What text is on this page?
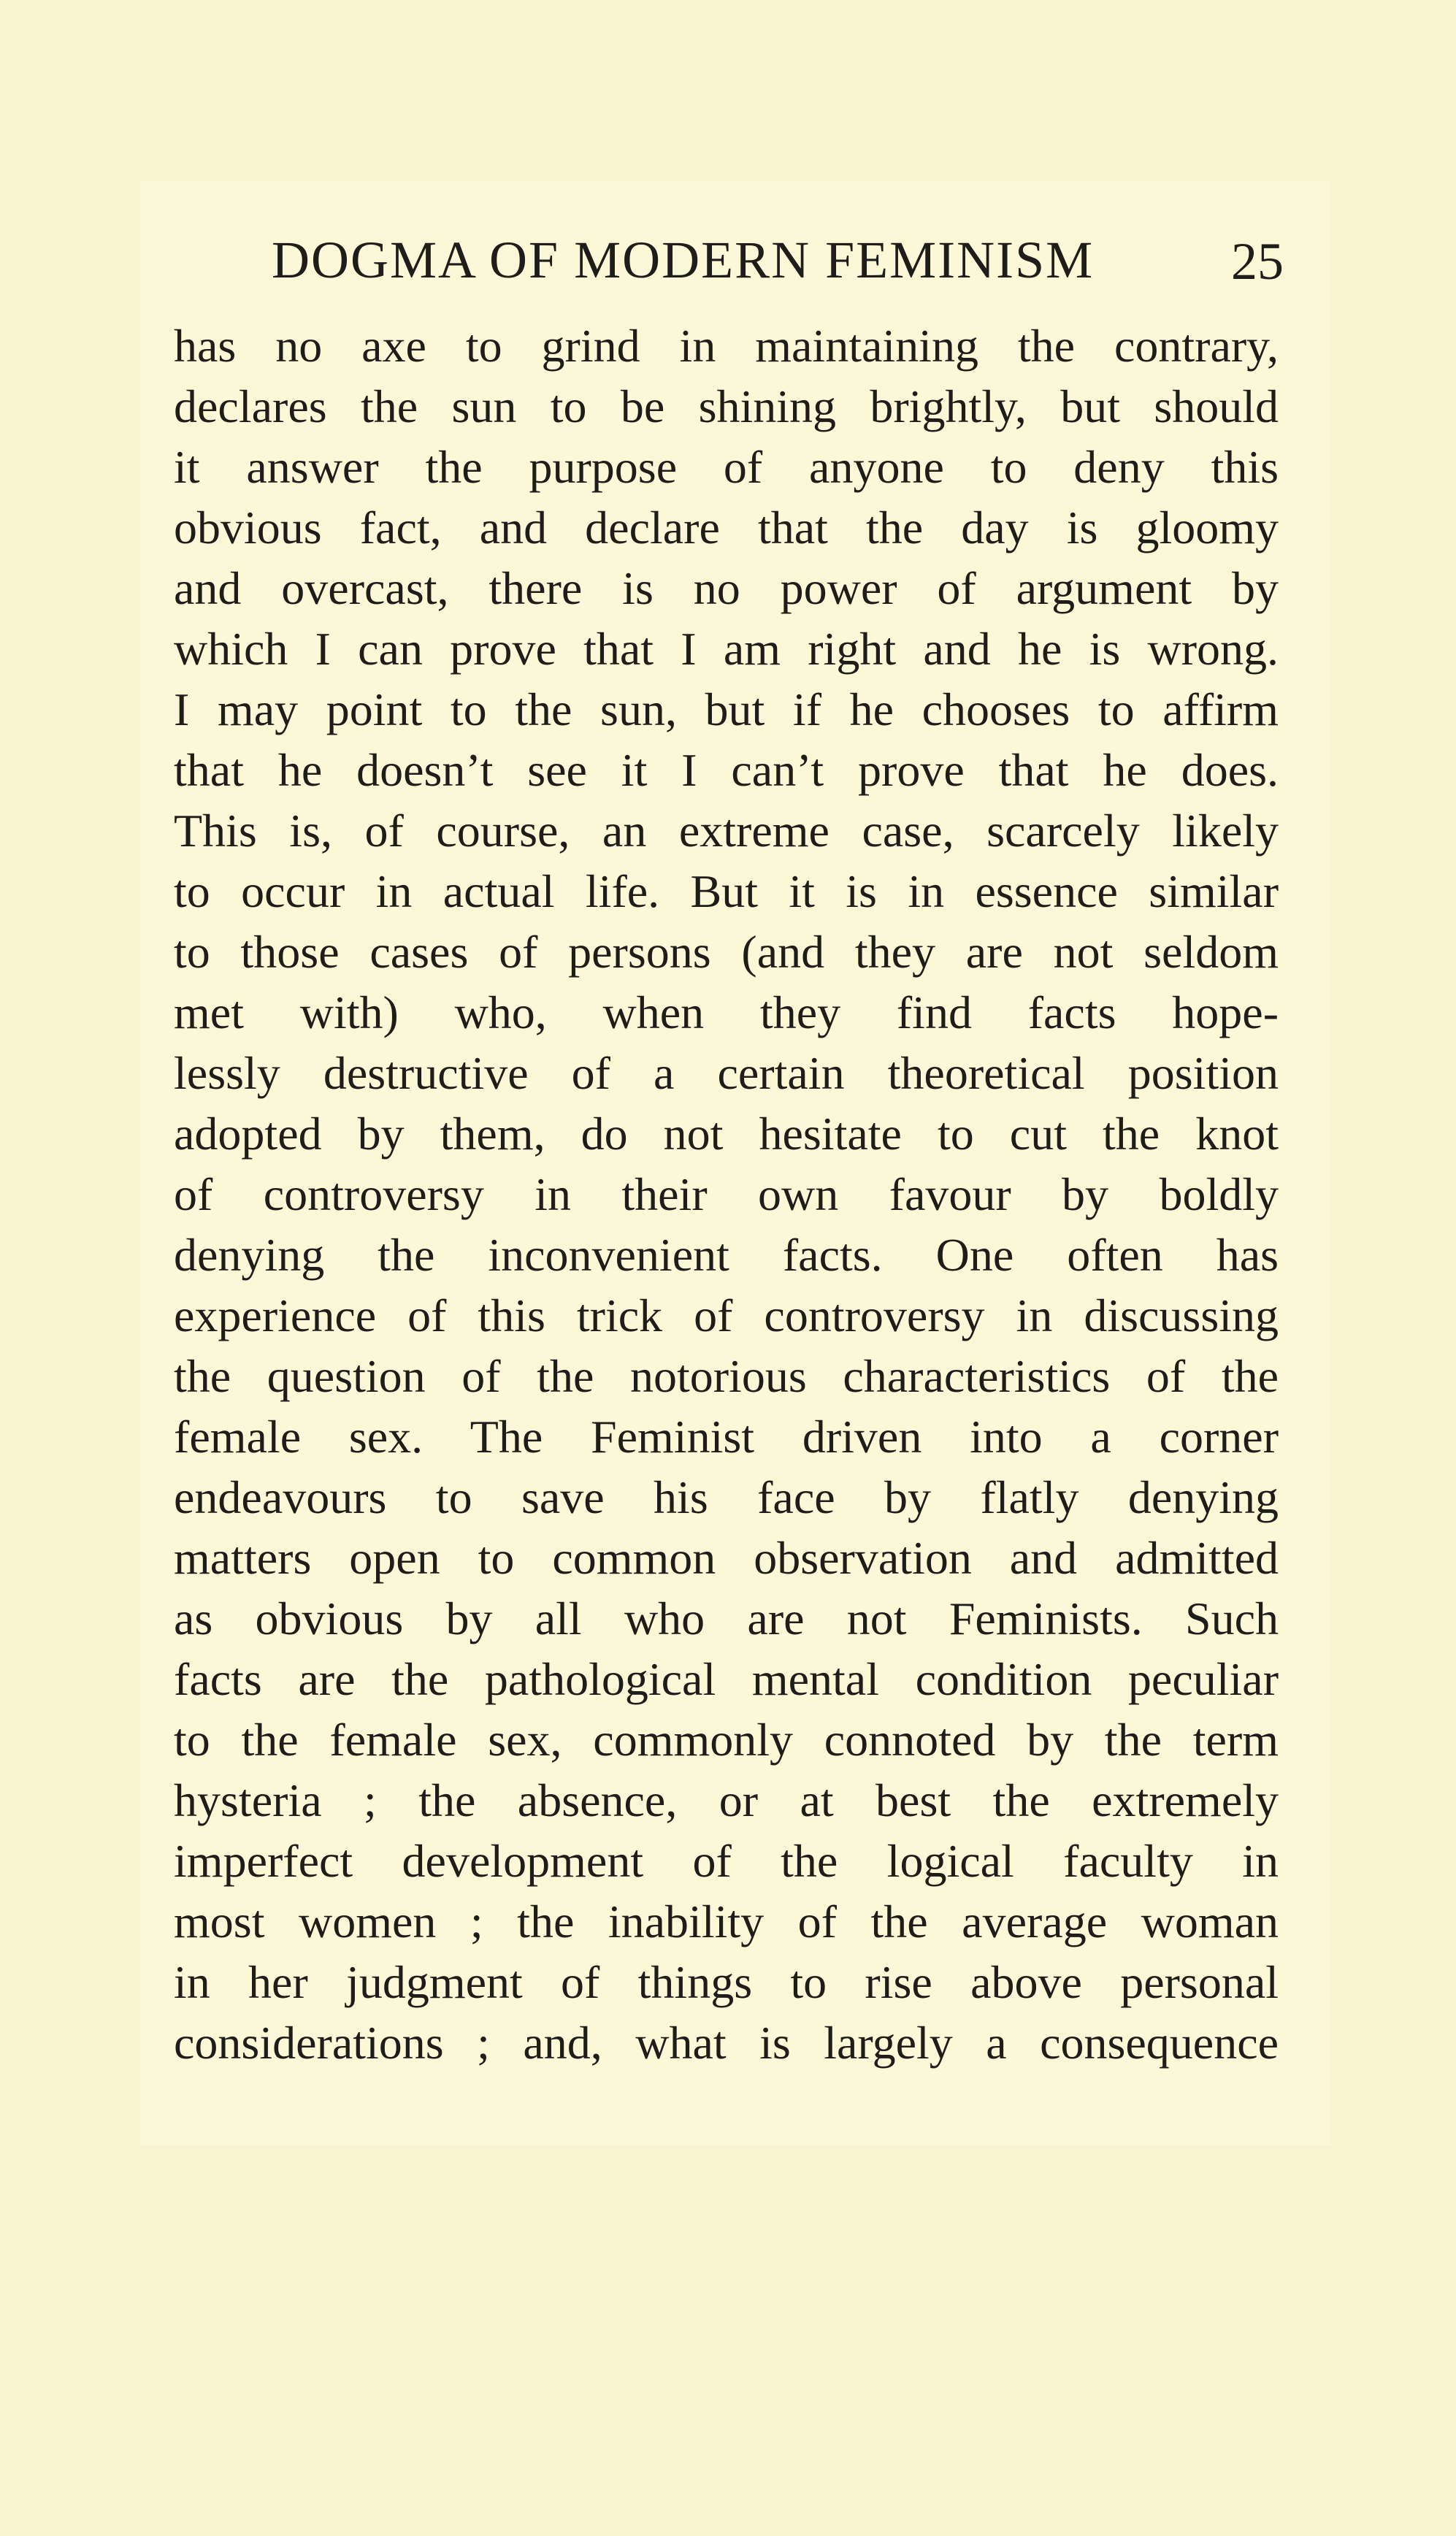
DOGMA OF MODERN FEMINISM	25
has no axe to grind in maintaining the contrary,
declares the sun to be shining brightly, but should
it answer the purpose of anyone to deny this
obvious fact, and declare that the day is gloomy
and overcast, there is no power of argument by
which I can prove that I am right and he is wrong.
I may point to the sun, but if he chooses to affirm
that he doesn’t see it I can’t prove that he does.
This is, of course, an extreme case, scarcely likely
to occur in actual life. But it is in essence similar
to those cases of persons (and they are not seldom
met with) who, when they find facts hope-
lessly destructive of a certain theoretical position
adopted by them, do not hesitate to cut the knot
of controversy in their own favour by boldly
denying the inconvenient facts. One often has
experience of this trick of controversy in discussing
the question of the notorious characteristics of the
female sex. The Feminist driven into a corner
endeavours to save his face by flatly denying
matters open to common observation and admitted
as obvious by all who are not Feminists. Such
facts are the pathological mental condition peculiar
to the female sex, commonly connoted by the term
hysteria ; the absence, or at best the extremely
imperfect development of the logical faculty in
most women ; the inability of the average woman
in her judgment of things to rise above personal
considerations ; and, what is largely a consequence
